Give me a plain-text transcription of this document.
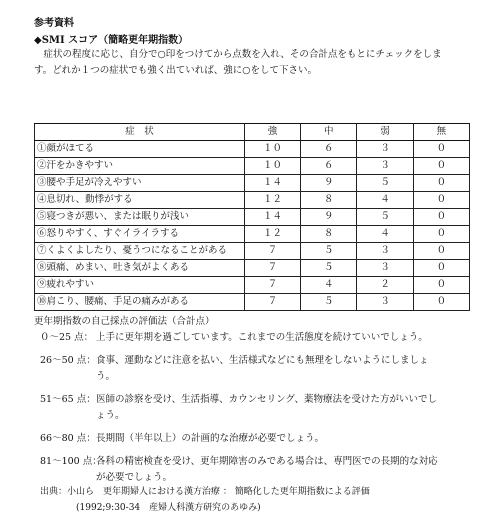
参考資料
◆SMI スコア（簡略更年期指数）
　症状の程度に応じ、自分で○印をつけてから点数を入れ、その合計点をもとにチェックをしま
す。どれか１つの症状でも強く出ていれば、強に○をして下さい。
症　状	強	中	弱	無
①顔がほてる	１０	６	３	０
②汗をかきやすい	１０	６	３	０
③腰や手足が冷えやすい	１４	９	５	０
④息切れ、動悸がする	１２	８	４	０
⑤寝つきが悪い、または眠りが浅い	１４	９	５	０
⑥怒りやすく、すぐイライラする	１２	８	４	０
⑦くよくよしたり、憂うつになることがある	７	５	３	０
⑧頭痛、めまい、吐き気がよくある	７	５	３	０
⑨疲れやすい	７	４	２	０
⑩肩こり、腰痛、手足の痛みがある	７	５	３	０
更年期指数の自己採点の評価法（合計点）
０～25 点： 上手に更年期を過ごしています。これまでの生活態度を続けていいでしょう。
26～50 点： 食事、運動などに注意を払い、生活様式などにも無理をしないようにしましょ
う。
51～65 点： 医師の診察を受け、生活指導、カウンセリング、薬物療法を受けた方がいいでし
ょう。
66～80 点： 長期間（半年以上）の計画的な治療が必要でしょう。
81～100 点：
各科の精密検査を受け、更年期障害のみである場合は、専門医での長期的な対応
が必要でしょう。
出典：小山ら　更年期婦人における漢方治療 ： 簡略化した更年期指数による評価
(1992;9:30-34　産婦人科漢方研究のあゆみ)
